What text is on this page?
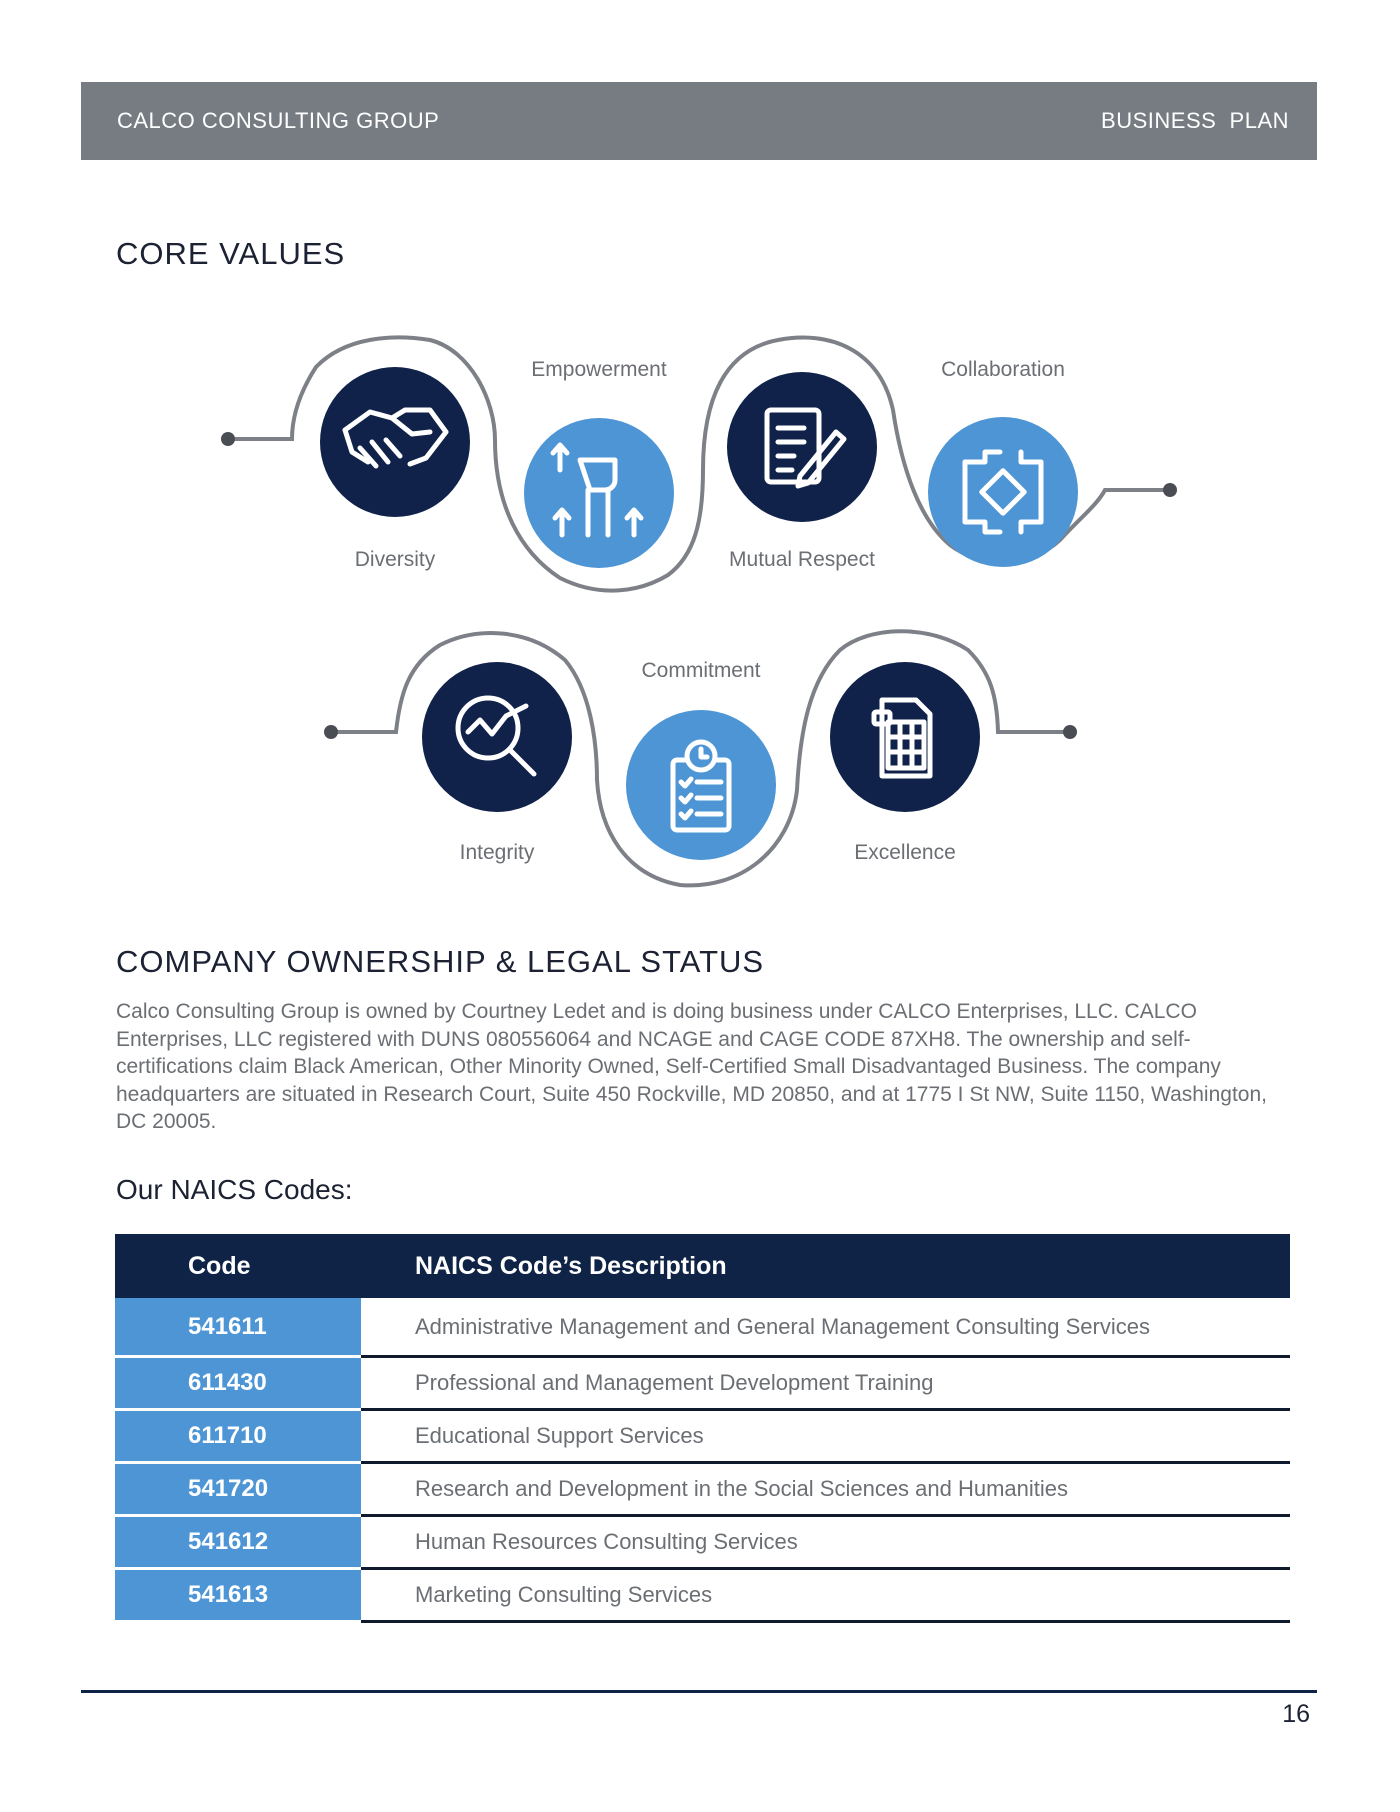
CALCO CONSULTING GROUP	BUSINESS  PLAN
CORE VALUES
Diversity
Empowerment
Mutual Respect
Collaboration
Integrity
Commitment
Excellence
COMPANY OWNERSHIP & LEGAL STATUS

Calco Consulting Group is owned by Courtney Ledet and is doing business under CALCO Enterprises, LLC. CALCO Enterprises, LLC registered with DUNS 080556064 and NCAGE and CAGE CODE 87XH8. The ownership and self-certifications claim Black American, Other Minority Owned, Self-Certified Small Disadvantaged Business. The company headquarters are situated in Research Court, Suite 450 Rockville, MD 20850, and at 1775 I St NW, Suite 1150, Washington, DC 20005.

Our NAICS Codes:
Code	NAICS Code’s Description
541611	Administrative Management and General Management Consulting Services
611430	Professional and Management Development Training
611710	Educational Support Services
541720	Research and Development in the Social Sciences and Humanities
541612	Human Resources Consulting Services
541613	Marketing Consulting Services
16
